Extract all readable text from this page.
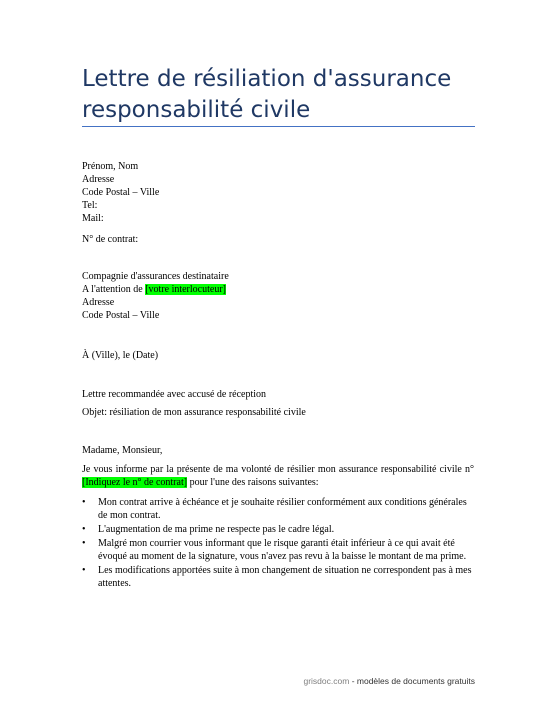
Lettre de résiliation d'assurance responsabilité civile
Prénom, Nom
Adresse
Code Postal – Ville
Tel:
Mail:
N° de contrat:
Compagnie d'assurances destinataire
A l'attention de [votre interlocuteur]
Adresse
Code Postal – Ville
À (Ville), le (Date)
Lettre recommandée avec accusé de réception
Objet: résiliation de mon assurance responsabilité civile
Madame, Monsieur,
Je vous informe par la présente de ma volonté de résilier mon assurance responsabilité civile n° [Indiquez le n° de contrat] pour l'une des raisons suivantes:
• Mon contrat arrive à échéance et je souhaite résilier conformément aux conditions générales de mon contrat.
• L'augmentation de ma prime ne respecte pas le cadre légal.
• Malgré mon courrier vous informant que le risque garanti était inférieur à ce qui avait été évoqué au moment de la signature, vous n'avez pas revu à la baisse le montant de ma prime.
• Les modifications apportées suite à mon changement de situation ne correspondent pas à mes attentes.
grisdoc.com - modèles de documents gratuits
